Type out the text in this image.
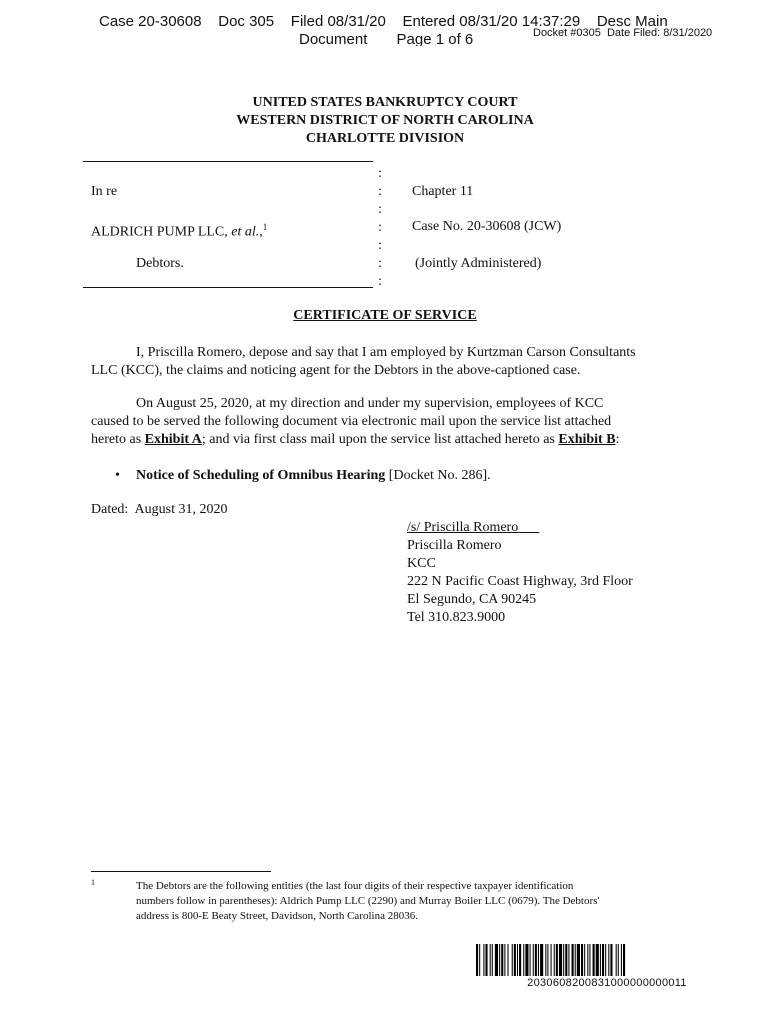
Case 20-30608    Doc 305    Filed 08/31/20    Entered 08/31/20 14:37:29    Desc Main
Document       Page 1 of 6	Docket #0305  Date Filed: 8/31/2020
UNITED STATES BANKRUPTCY COURT
WESTERN DISTRICT OF NORTH CAROLINA
CHARLOTTE DIVISION
:
:
:
:
:
:
:
In re
ALDRICH PUMP LLC, et al.,$^1$
Debtors.
Chapter 11
Case No. 20-30608 (JCW)
(Jointly Administered)
CERTIFICATE OF SERVICE
I, Priscilla Romero, depose and say that I am employed by Kurtzman Carson Consultants
LLC (KCC), the claims and noticing agent for the Debtors in the above-captioned case.
On August 25, 2020, at my direction and under my supervision, employees of KCC
caused to be served the following document via electronic mail upon the service list attached
hereto as Exhibit A; and via first class mail upon the service list attached hereto as Exhibit B:
• Notice of Scheduling of Omnibus Hearing [Docket No. 286].
Dated:  August 31, 2020
/s/ Priscilla Romero
Priscilla Romero
KCC
222 N Pacific Coast Highway, 3rd Floor
El Segundo, CA 90245
Tel 310.823.9000
1	The Debtors are the following entities (the last four digits of their respective taxpayer identification
numbers follow in parentheses): Aldrich Pump LLC (2290) and Murray Boiler LLC (0679). The Debtors'
address is 800-E Beaty Street, Davidson, North Carolina 28036.
2030608200831000000000011
